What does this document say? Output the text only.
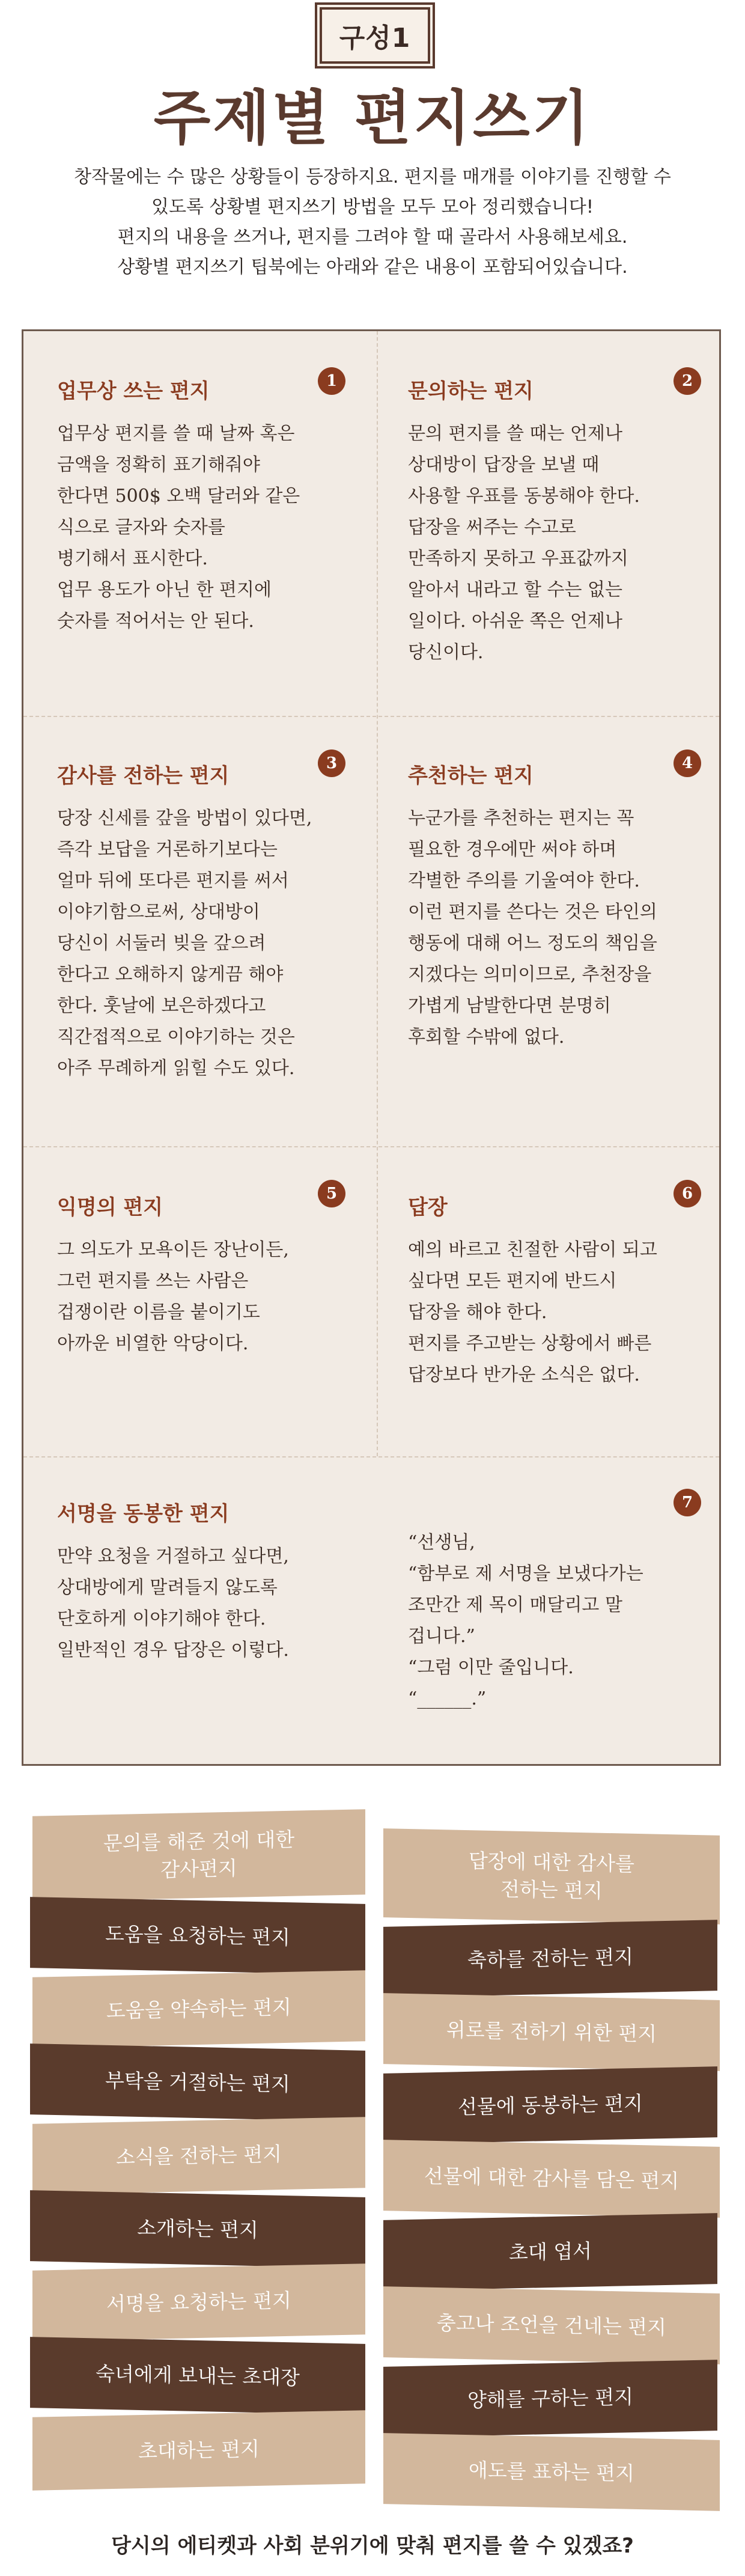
구성1
주제별 편지쓰기
창작물에는 수 많은 상황들이 등장하지요. 편지를 매개를 이야기를 진행할 수
있도록 상황별 편지쓰기 방법을 모두 모아 정리했습니다!
편지의 내용을 쓰거나, 편지를 그려야 할 때 골라서 사용해보세요.
상황별 편지쓰기 팁북에는 아래와 같은 내용이 포함되어있습니다.
업무상 쓰는 편지

업무상 편지를 쓸 때 날짜 혹은
금액을 정확히 표기해줘야
한다면 500$ 오백 달러와 같은
식으로 글자와 숫자를
병기해서 표시한다.
업무 용도가 아닌 한 편지에
숫자를 적어서는 안 된다.

1	문의하는 편지

문의 편지를 쓸 때는 언제나
상대방이 답장을 보낼 때
사용할 우표를 동봉해야 한다.
답장을 써주는 수고로
만족하지 못하고 우표값까지
알아서 내라고 할 수는 없는
일이다. 아쉬운 쪽은 언제나
당신이다.

2
감사를 전하는 편지

당장 신세를 갚을 방법이 있다면,
즉각 보답을 거론하기보다는
얼마 뒤에 또다른 편지를 써서
이야기함으로써, 상대방이
당신이 서둘러 빚을 갚으려
한다고 오해하지 않게끔 해야
한다. 훗날에 보은하겠다고
직간접적으로 이야기하는 것은
아주 무례하게 읽힐 수도 있다.

3
추천하는 편지

누군가를 추천하는 편지는 꼭
필요한 경우에만 써야 하며
각별한 주의를 기울여야 한다.
이런 편지를 쓴다는 것은 타인의
행동에 대해 어느 정도의 책임을
지겠다는 의미이므로, 추천장을
가볍게 남발한다면 분명히
후회할 수밖에 없다.

4
익명의 편지

그 의도가 모욕이든 장난이든,
그런 편지를 쓰는 사람은
겁쟁이란 이름을 붙이기도
아까운 비열한 악당이다.

5
답장

예의 바르고 친절한 사람이 되고
싶다면 모든 편지에 반드시
답장을 해야 한다.
편지를 주고받는 상황에서 빠른
답장보다 반가운 소식은 없다.

6
서명을 동봉한 편지

만약 요청을 거절하고 싶다면,
상대방에게 말려들지 않도록
단호하게 이야기해야 한다.
일반적인 경우 답장은 이렇다.

“선생님,
“함부로 제 서명을 보냈다가는
조만간 제 목이 매달리고 말
겁니다.”
“그럼 이만 줄입니다.
“______.”

7
문의를 해준 것에 대한
감사편지
도움을 요청하는 편지
도움을 약속하는 편지
부탁을 거절하는 편지
소식을 전하는 편지
소개하는 편지
서명을 요청하는 편지
숙녀에게 보내는 초대장
초대하는 편지
답장에 대한 감사를
전하는 편지
축하를 전하는 편지
위로를 전하기 위한 편지
선물에 동봉하는 편지
선물에 대한 감사를 담은 편지
초대 엽서
충고나 조언을 건네는 편지
양해를 구하는 편지
애도를 표하는 편지
당시의 에티켓과 사회 분위기에 맞춰 편지를 쓸 수 있겠죠?
